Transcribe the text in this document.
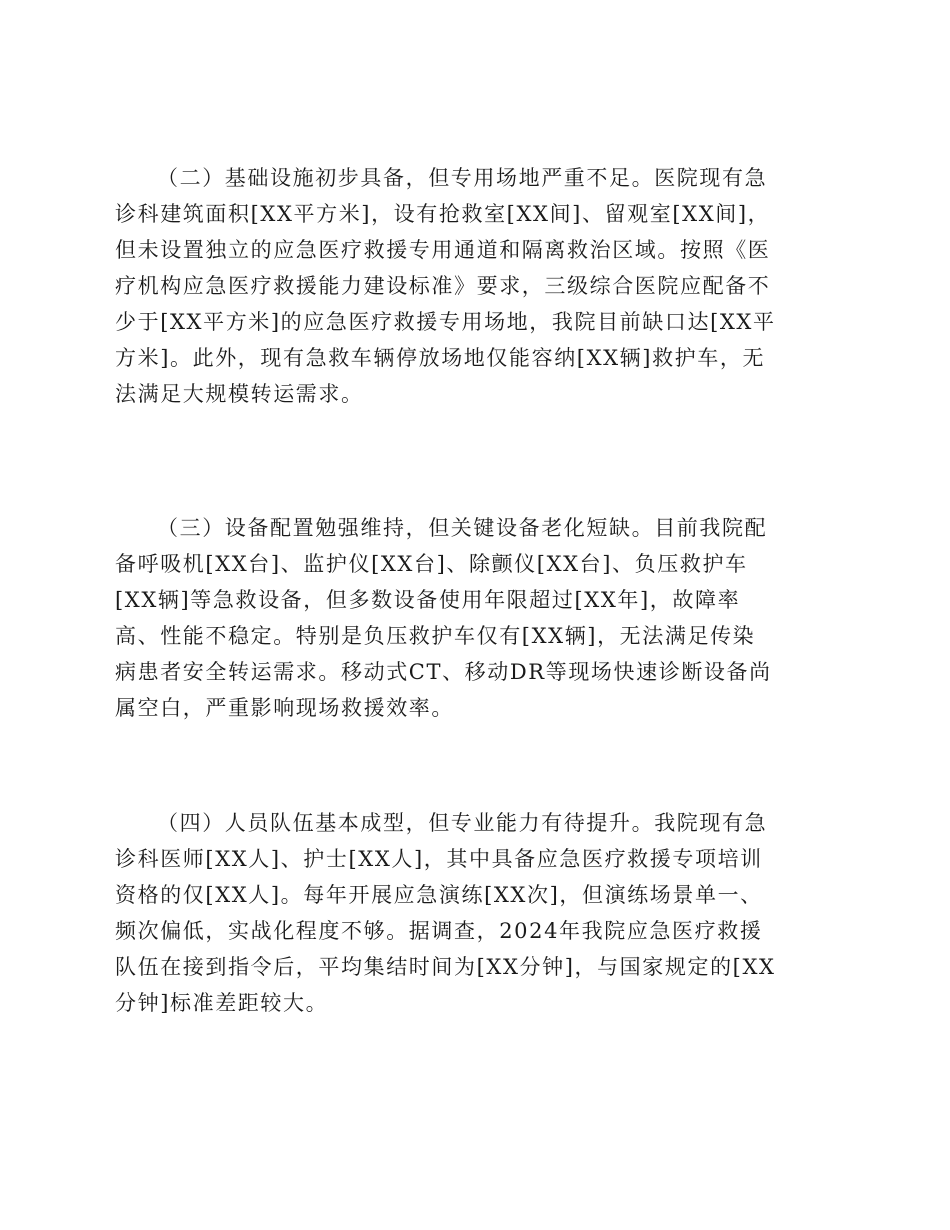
（二）基础设施初步具备，但专用场地严重不足。医院现有急
诊科建筑面积[XX平方米]，设有抢救室[XX间]、留观室[XX间]，
但未设置独立的应急医疗救援专用通道和隔离救治区域。按照《医
疗机构应急医疗救援能力建设标准》要求，三级综合医院应配备不
少于[XX平方米]的应急医疗救援专用场地，我院目前缺口达[XX平
方米]。此外，现有急救车辆停放场地仅能容纳[XX辆]救护车，无
法满足大规模转运需求。
（三）设备配置勉强维持，但关键设备老化短缺。目前我院配
备呼吸机[XX台]、监护仪[XX台]、除颤仪[XX台]、负压救护车
[XX辆]等急救设备，但多数设备使用年限超过[XX年]，故障率
高、性能不稳定。特别是负压救护车仅有[XX辆]，无法满足传染
病患者安全转运需求。移动式CT、移动DR等现场快速诊断设备尚
属空白，严重影响现场救援效率。
（四）人员队伍基本成型，但专业能力有待提升。我院现有急
诊科医师[XX人]、护士[XX人]，其中具备应急医疗救援专项培训
资格的仅[XX人]。每年开展应急演练[XX次]，但演练场景单一、
频次偏低，实战化程度不够。据调查，2024年我院应急医疗救援
队伍在接到指令后，平均集结时间为[XX分钟]，与国家规定的[XX
分钟]标准差距较大。
